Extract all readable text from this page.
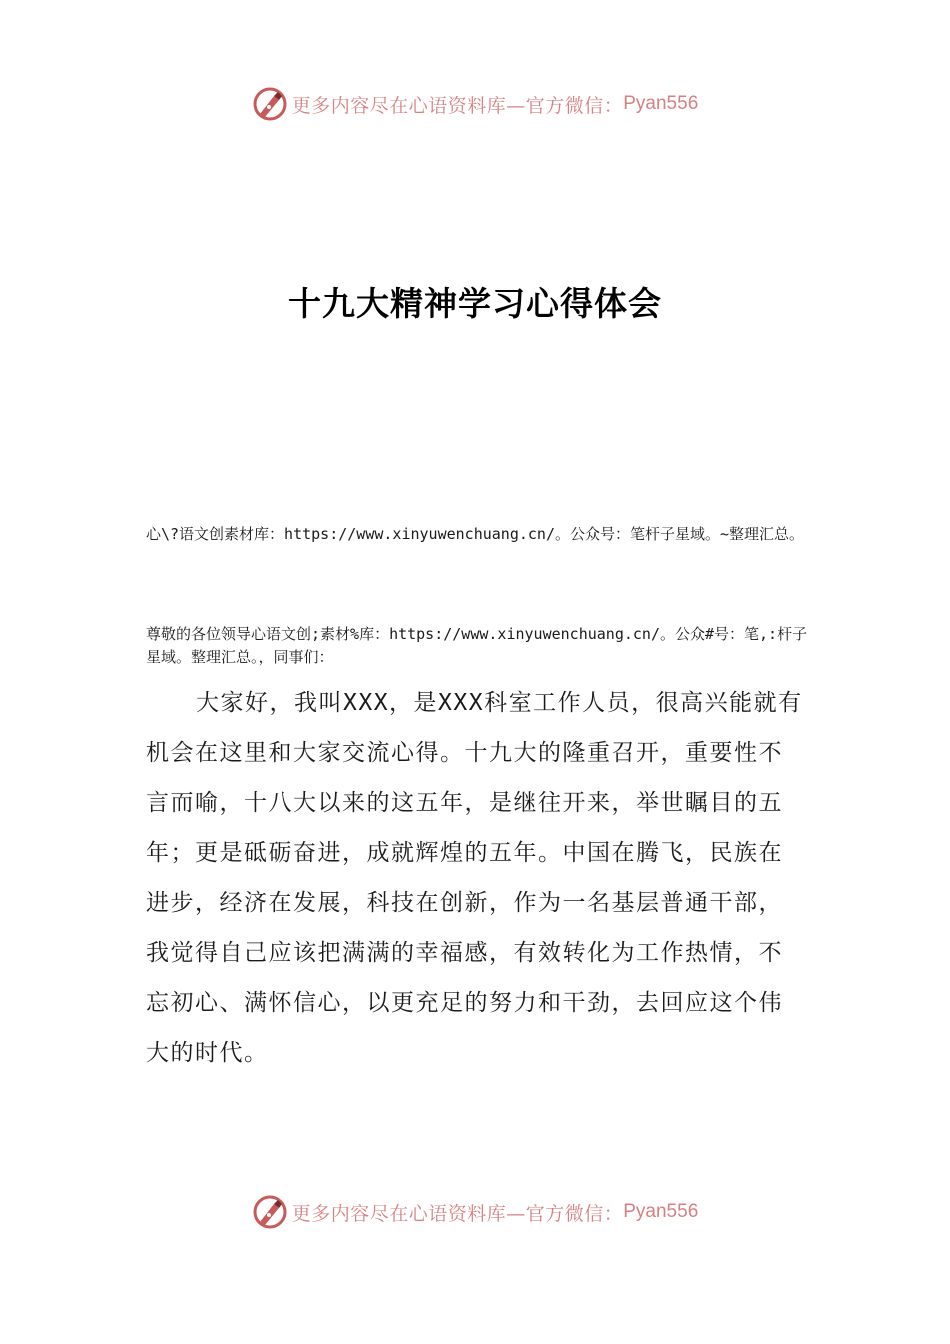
更多内容尽在心语资料库—官方微信： Pyan556
十九大精神学习心得体会

心\?语文创素材库：https://www.xinyuwenchuang.cn/。公众号：笔杆子星域。~整理汇总。

尊敬的各位领导心语文创;素材%库：https://www.xinyuwenchuang.cn/。公众#号：笔,:杆子星域。整理汇总。，同事们：

大家好，我叫XXX，是XXX科室工作人员，很高兴能就有机会在这里和大家交流心得。十九大的隆重召开，重要性不言而喻，十八大以来的这五年，是继往开来，举世瞩目的五年；更是砥砺奋进，成就辉煌的五年。中国在腾飞，民族在进步，经济在发展，科技在创新，作为一名基层普通干部，我觉得自己应该把满满的幸福感，有效转化为工作热情，不忘初心、满怀信心，以更充足的努力和干劲，去回应这个伟大的时代。

更多内容尽在心语资料库—官方微信： Pyan556
